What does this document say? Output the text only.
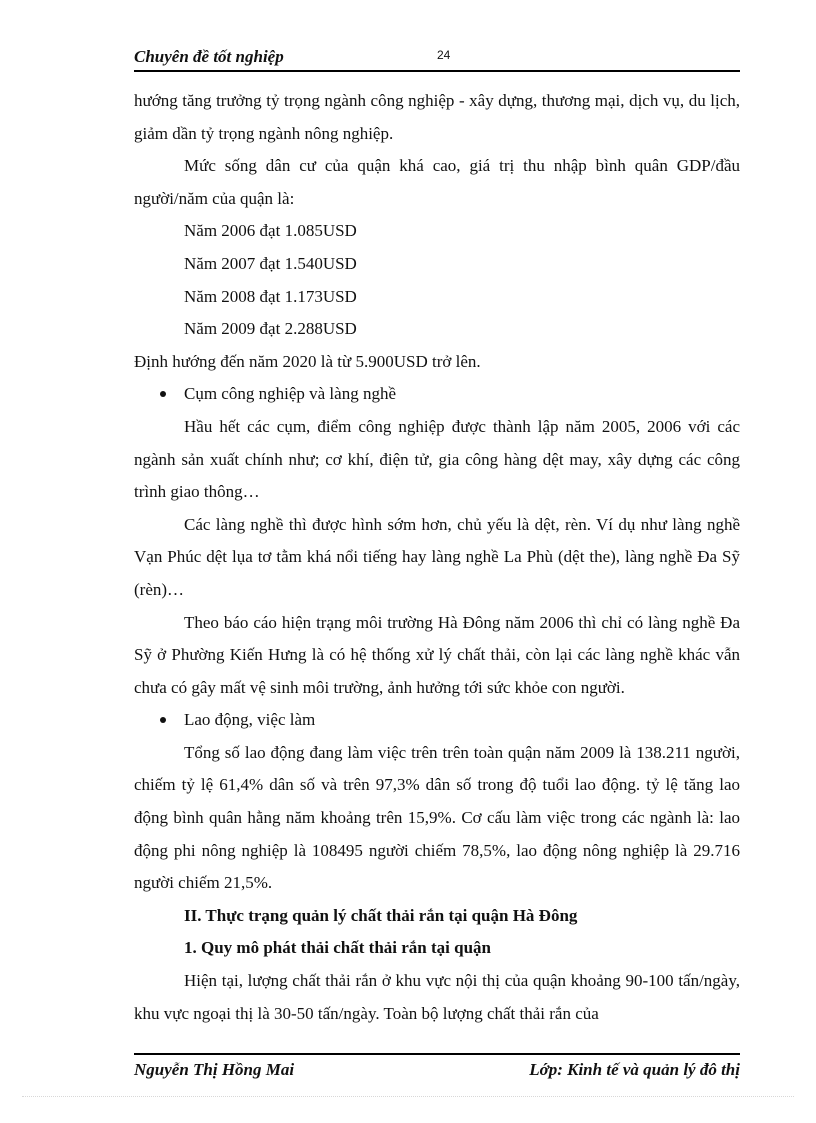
Chuyên đề tốt nghiệp	24

hướng tăng trưởng tỷ trọng ngành công nghiệp - xây dựng, thương mại, dịch vụ, du lịch, giảm dần tỷ trọng ngành nông nghiệp.

Mức sống dân cư của quận khá cao, giá trị thu nhập bình quân GDP/đầu người/năm của quận là:

Năm 2006 đạt 1.085USD

Năm 2007 đạt 1.540USD

Năm 2008 đạt 1.173USD

Năm 2009 đạt 2.288USD

Định hướng đến năm 2020 là từ 5.900USD trở lên.

Cụm công nghiệp và làng nghề

Hầu hết các cụm, điểm công nghiệp được thành lập năm 2005, 2006 với các ngành sản xuất chính như; cơ khí, điện tử, gia công hàng dệt may, xây dựng các công trình giao thông…

Các làng nghề thì được hình sớm hơn, chủ yếu là dệt, rèn. Ví dụ như làng nghề Vạn Phúc dệt lụa tơ tằm khá nổi tiếng hay làng nghề La Phù (dệt the), làng nghề Đa Sỹ (rèn)…

Theo báo cáo hiện trạng môi trường Hà Đông năm 2006 thì chỉ có làng nghề Đa Sỹ ở Phường Kiến Hưng là có hệ thống xử lý chất thải, còn lại các làng nghề khác vẫn chưa có gây mất vệ sinh môi trường, ảnh hưởng tới sức khỏe con người.

Lao động, việc làm

Tổng số lao động đang làm việc trên trên toàn quận năm 2009 là 138.211 người, chiếm tỷ lệ 61,4% dân số và trên 97,3% dân số trong độ tuổi lao động. tỷ lệ tăng lao động bình quân hằng năm khoảng trên 15,9%. Cơ cấu làm việc trong các ngành là: lao động phi nông nghiệp là 108495 người chiếm 78,5%, lao động nông nghiệp là 29.716 người chiếm 21,5%.

II. Thực trạng quản lý chất thải rắn tại quận Hà Đông

1. Quy mô phát thải chất thải rắn tại quận

Hiện tại, lượng chất thải rắn ở khu vực nội thị của quận khoảng 90-100 tấn/ngày, khu vực ngoại thị là 30-50 tấn/ngày. Toàn bộ lượng chất thải rắn của

Nguyễn Thị Hồng Mai	Lớp: Kinh tế và quản lý đô thị
